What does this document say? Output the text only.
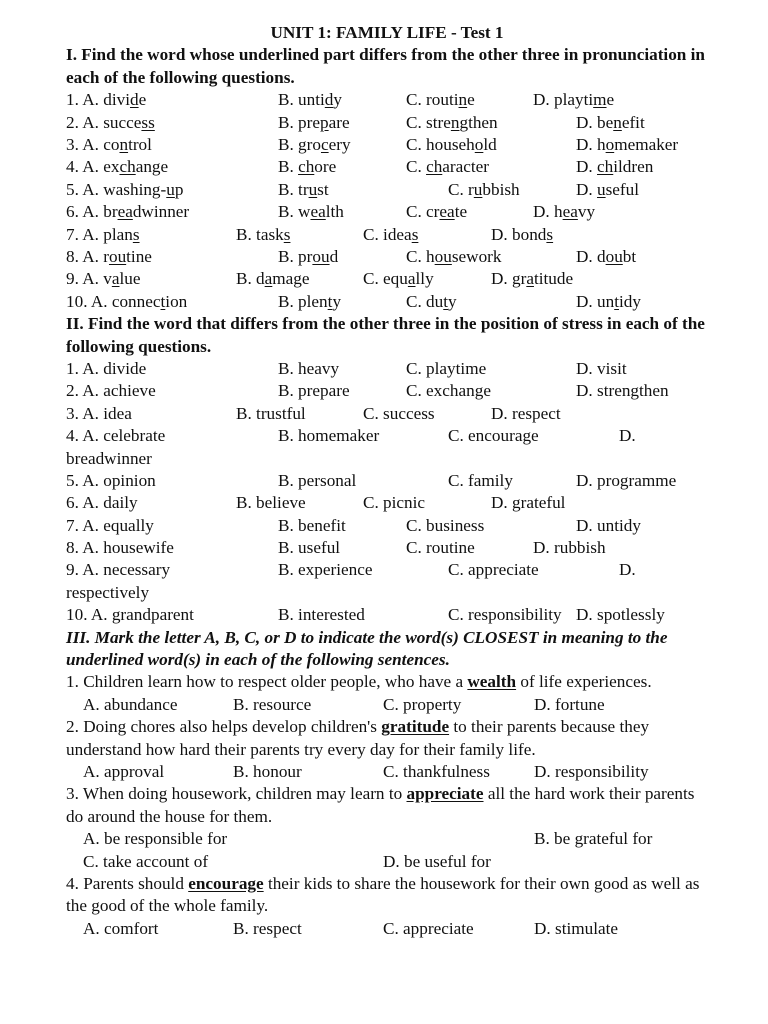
UNIT 1: FAMILY LIFE - Test 1
I. Find the word whose underlined part differs from the other three in pronunciation in each of the following questions.
1. A. divide	B. untidy	C. routine	D. playtime
2. A. success	B. prepare	C. strengthen	D. benefit
3. A. control	B. grocery	C. household	D. homemaker
4. A. exchange	B. chore	C. character	D. children
5. A. washing-up	B. trust	C. rubbish	D. useful
6. A. breadwinner	B. wealth	C. create	D. heavy
7. A. plans	B. tasks	C. ideas	D. bonds
8. A. routine	B. proud	C. housework	D. doubt
9. A. value	B. damage	C. equally	D. gratitude
10. A. connection	B. plenty	C. duty	D. untidy
II. Find the word that differs from the other three in the position of stress in each of the following questions.
1. A. divide	B. heavy	C. playtime	D. visit
2. A. achieve	B. prepare	C. exchange	D. strengthen
3. A. idea	B. trustful	C. success	D. respect
4. A. celebrate	B. homemaker	C. encourage	D.
breadwinner
5. A. opinion	B. personal	C. family	D. programme
6. A. daily	B. believe	C. picnic	D. grateful
7. A. equally	B. benefit	C. business	D. untidy
8. A. housewife	B. useful	C. routine	D. rubbish
9. A. necessary	B. experience	C. appreciate	D.
respectively
10. A. grandparent	B. interested	C. responsibility D. spotlessly
III. Mark the letter A, B, C, or D to indicate the word(s) CLOSEST in meaning to the underlined word(s) in each of the following sentences.
1. Children learn how to respect older people, who have a wealth of life experiences.
A. abundance	B. resource	C. property	D. fortune
2. Doing chores also helps develop children's gratitude to their parents because they understand how hard their parents try every day for their family life.
A. approval	B. honour	C. thankfulness	D. responsibility
3. When doing housework, children may learn to appreciate all the hard work their parents do around the house for them.
A. be responsible for	B. be grateful for
C. take account of	D. be useful for
4. Parents should encourage their kids to share the housework for their own good as well as the good of the whole family.
A. comfort	B. respect	C. appreciate	D. stimulate
